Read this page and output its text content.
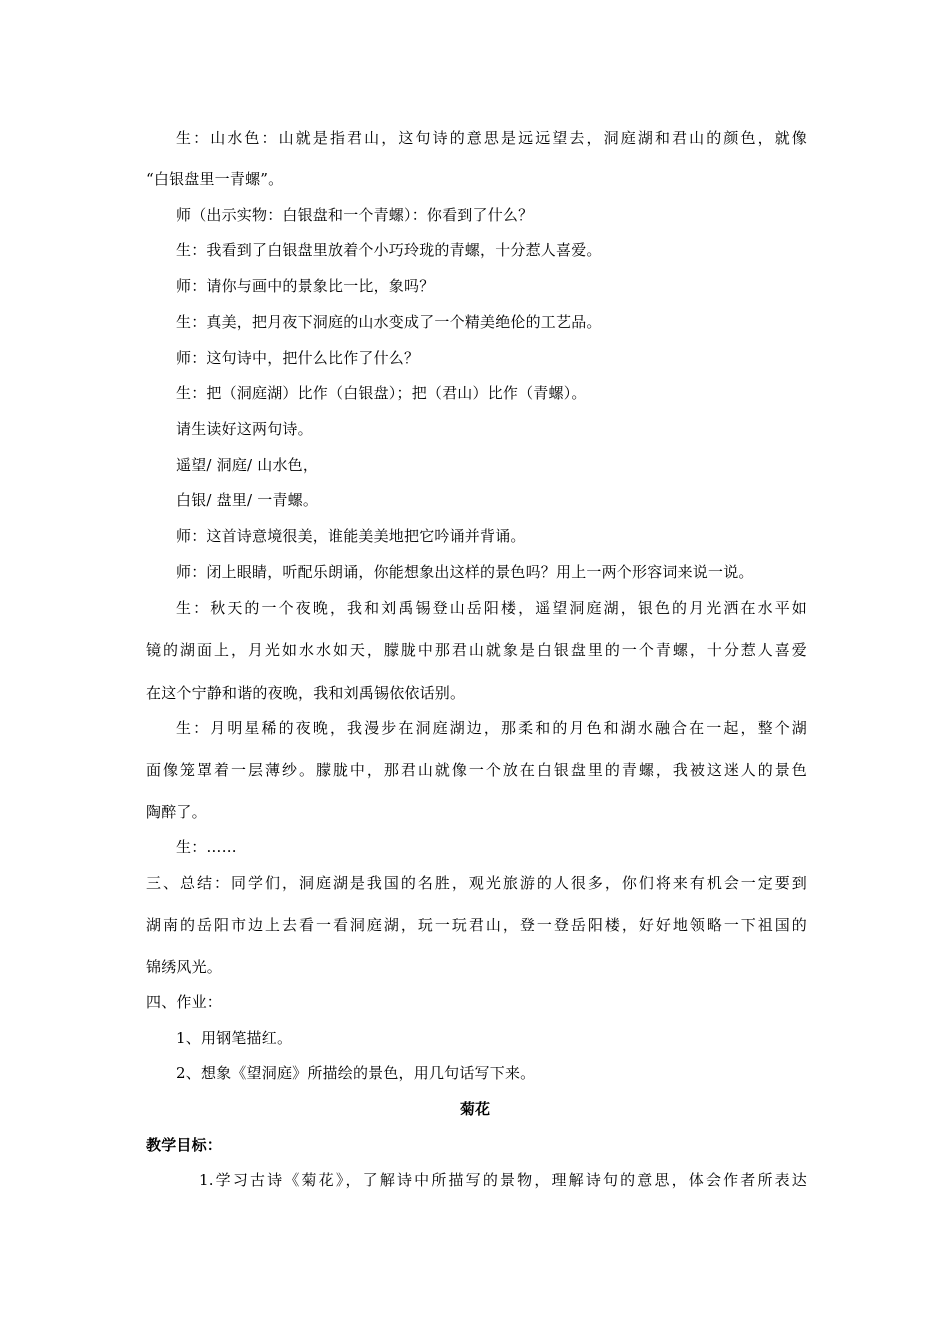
生：山水色：山就是指君山，这句诗的意思是远远望去，洞庭湖和君山的颜色，就像
“白银盘里一青螺”。
师（出示实物：白银盘和一个青螺）：你看到了什么？
生：我看到了白银盘里放着个小巧玲珑的青螺，十分惹人喜爱。
师：请你与画中的景象比一比，象吗？
生：真美，把月夜下洞庭的山水变成了一个精美绝伦的工艺品。
师：这句诗中，把什么比作了什么？
生：把（洞庭湖）比作（白银盘）；把（君山）比作（青螺）。
请生读好这两句诗。
遥望/ 洞庭/ 山水色，
白银/ 盘里/ 一青螺。
师：这首诗意境很美，谁能美美地把它吟诵并背诵。
师：闭上眼睛，听配乐朗诵，你能想象出这样的景色吗？用上一两个形容词来说一说。
生：秋天的一个夜晚，我和刘禹锡登山岳阳楼，遥望洞庭湖，银色的月光洒在水平如
镜的湖面上，月光如水水如天，朦胧中那君山就象是白银盘里的一个青螺，十分惹人喜爱
在这个宁静和谐的夜晚，我和刘禹锡依依话别。
生：月明星稀的夜晚，我漫步在洞庭湖边，那柔和的月色和湖水融合在一起，整个湖
面像笼罩着一层薄纱。朦胧中，那君山就像一个放在白银盘里的青螺，我被这迷人的景色
陶醉了。
生：……
三、总结：同学们，洞庭湖是我国的名胜，观光旅游的人很多，你们将来有机会一定要到
湖南的岳阳市边上去看一看洞庭湖，玩一玩君山，登一登岳阳楼，好好地领略一下祖国的
锦绣风光。
四、作业：
1、用钢笔描红。
2、想象《望洞庭》所描绘的景色，用几句话写下来。
菊花
教学目标：
1.学习古诗《菊花》，了解诗中所描写的景物，理解诗句的意思，体会作者所表达
